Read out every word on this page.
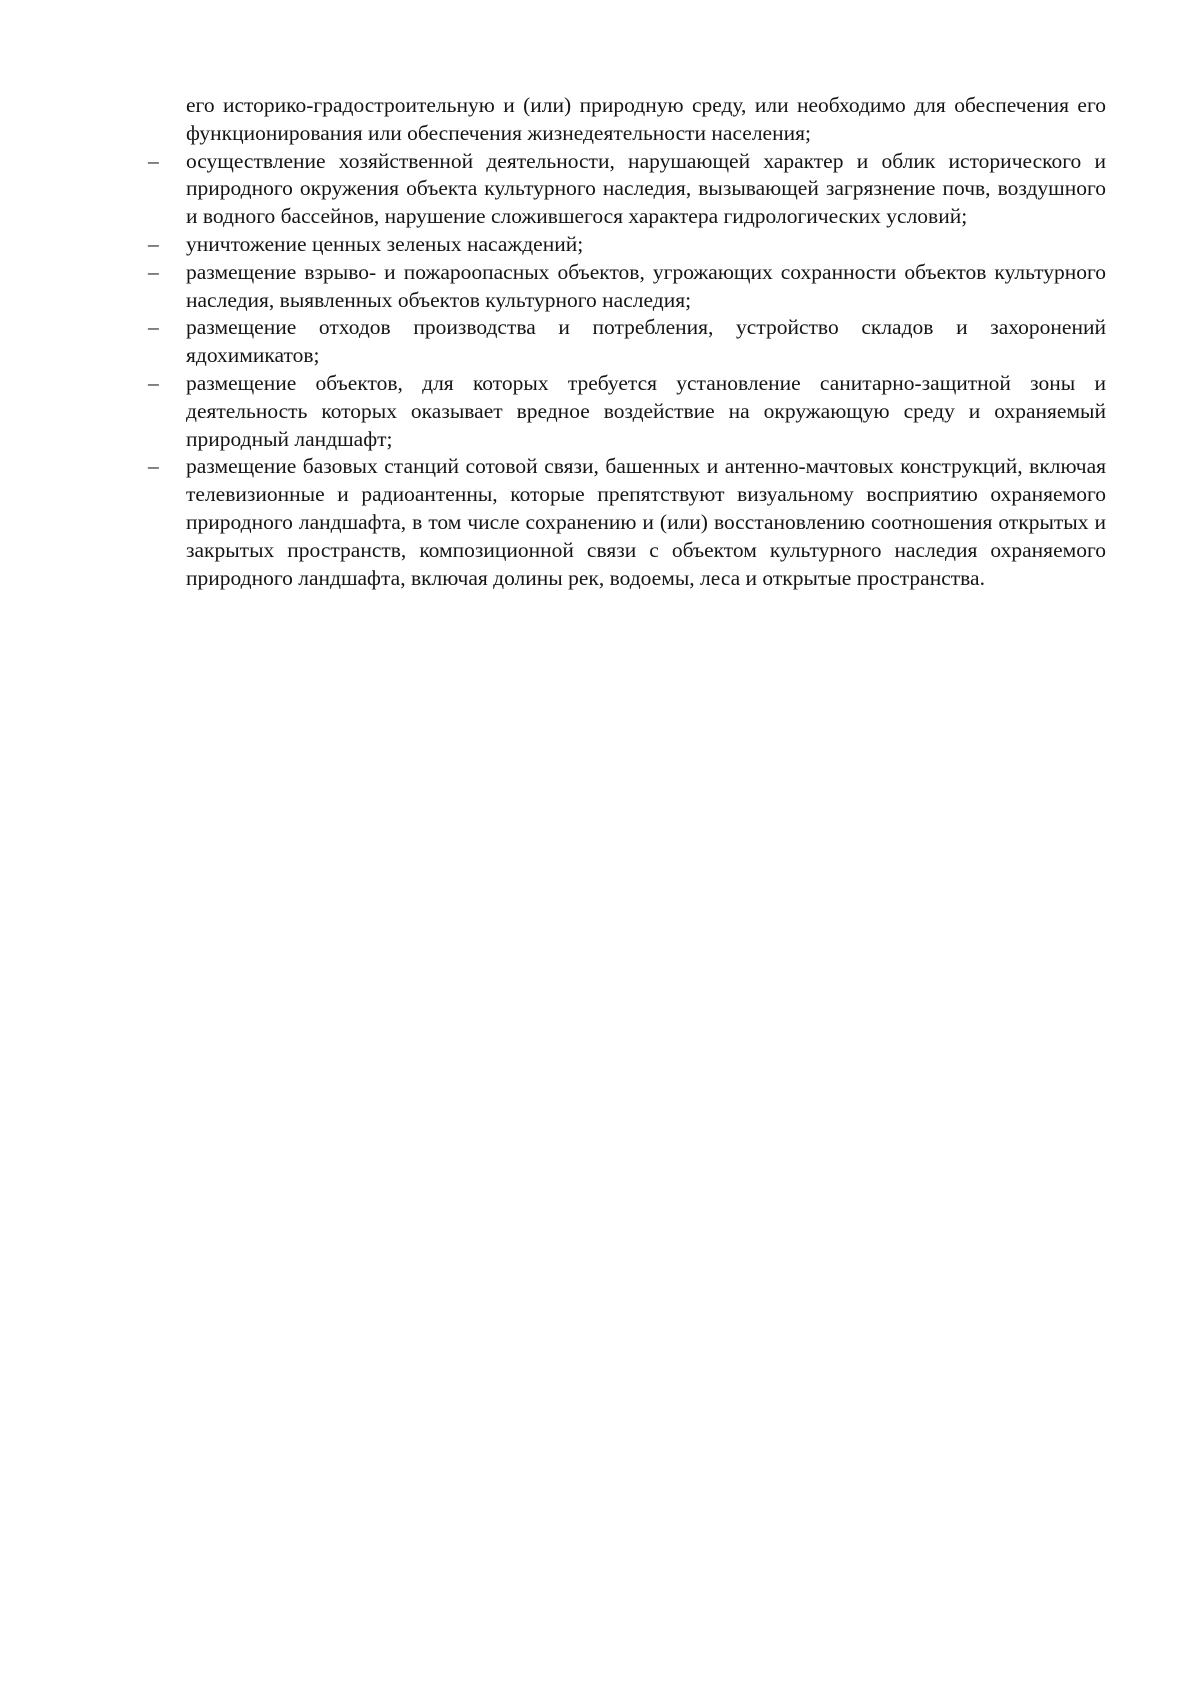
его историко-градостроительную и (или) природную среду, или необходимо для обеспечения его функционирования или обеспечения жизнедеятельности населения;

–	осуществление хозяйственной деятельности, нарушающей характер и облик исторического и природного окружения объекта культурного наследия, вызывающей загрязнение почв, воздушного и водного бассейнов, нарушение сложившегося характера гидрологических условий;
–	уничтожение ценных зеленых насаждений;
–	размещение взрыво- и пожароопасных объектов, угрожающих сохранности объектов культурного наследия, выявленных объектов культурного наследия;
–	размещение отходов производства и потребления, устройство складов и захоронений ядохимикатов;
–	размещение объектов, для которых требуется установление санитарно-защитной зоны и деятельность которых оказывает вредное воздействие на окружающую среду и охраняемый природный ландшафт;
–	размещение базовых станций сотовой связи, башенных и антенно-мачтовых конструкций, включая телевизионные и радиоантенны, которые препятствуют визуальному восприятию охраняемого природного ландшафта, в том числе сохранению и (или) восстановлению соотношения открытых и закрытых пространств, композиционной связи с объектом культурного наследия охраняемого природного ландшафта, включая долины рек, водоемы, леса и открытые пространства.
